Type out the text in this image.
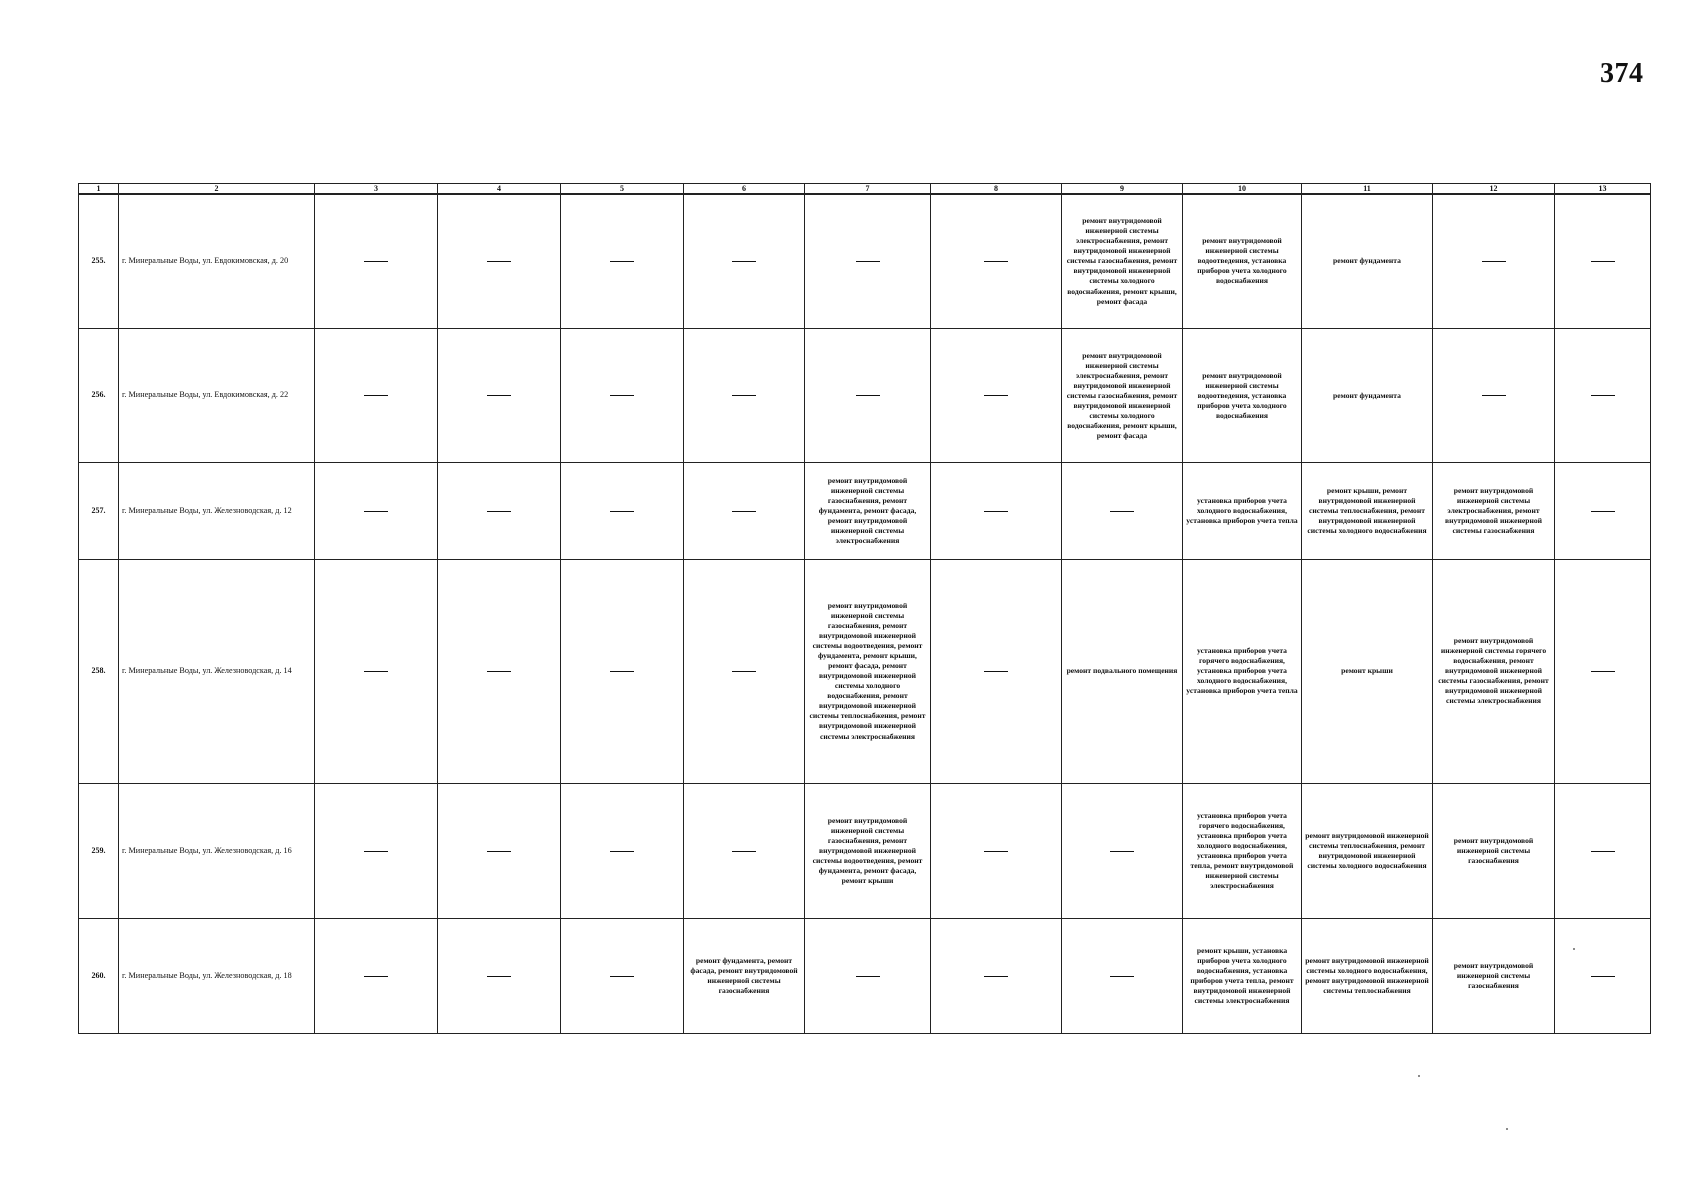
374
1	2	3	4	5	6	7	8	9	10	11	12	13
255.	г. Минеральные Воды, ул. Евдокимовская, д. 20							ремонт внутридомовой инженерной системы электроснабжения, ремонт внутридомовой инженерной системы газоснабжения, ремонт внутридомовой инженерной системы холодного водоснабжения, ремонт крыши, ремонт фасада	ремонт внутридомовой инженерной системы водоотведения, установка приборов учета холодного водоснабжения	ремонт фундамента		
256.	г. Минеральные Воды, ул. Евдокимовская, д. 22							ремонт внутридомовой инженерной системы электроснабжения, ремонт внутридомовой инженерной системы газоснабжения, ремонт внутридомовой инженерной системы холодного водоснабжения, ремонт крыши, ремонт фасада	ремонт внутридомовой инженерной системы водоотведения, установка приборов учета холодного водоснабжения	ремонт фундамента		
257.	г. Минеральные Воды, ул. Железноводская, д. 12					ремонт внутридомовой инженерной системы газоснабжения, ремонт фундамента, ремонт фасада, ремонт внутридомовой инженерной системы электроснабжения			установка приборов учета холодного водоснабжения, установка приборов учета тепла	ремонт крыши, ремонт внутридомовой инженерной системы теплоснабжения, ремонт внутридомовой инженерной системы холодного водоснабжения	ремонт внутридомовой инженерной системы электроснабжения, ремонт внутридомовой инженерной системы газоснабжения	
258.	г. Минеральные Воды, ул. Железноводская, д. 14					ремонт внутридомовой инженерной системы газоснабжения, ремонт внутридомовой инженерной системы водоотведения, ремонт фундамента, ремонт крыши, ремонт фасада, ремонт внутридомовой инженерной системы холодного водоснабжения, ремонт внутридомовой инженерной системы теплоснабжения, ремонт внутридомовой инженерной системы электроснабжения		ремонт подвального помещения	установка приборов учета горячего водоснабжения, установка приборов учета холодного водоснабжения, установка приборов учета тепла	ремонт крыши	ремонт внутридомовой инженерной системы горячего водоснабжения, ремонт внутридомовой инженерной системы газоснабжения, ремонт внутридомовой инженерной системы электроснабжения	
259.	г. Минеральные Воды, ул. Железноводская, д. 16					ремонт внутридомовой инженерной системы газоснабжения, ремонт внутридомовой инженерной системы водоотведения, ремонт фундамента, ремонт фасада, ремонт крыши			установка приборов учета горячего водоснабжения, установка приборов учета холодного водоснабжения, установка приборов учета тепла, ремонт внутридомовой инженерной системы электроснабжения	ремонт внутридомовой инженерной системы теплоснабжения, ремонт внутридомовой инженерной системы холодного водоснабжения	ремонт внутридомовой инженерной системы газоснабжения	
260.	г. Минеральные Воды, ул. Железноводская, д. 18				ремонт фундамента, ремонт фасада, ремонт внутридомовой инженерной системы газоснабжения				ремонт крыши, установка приборов учета холодного водоснабжения, установка приборов учета тепла, ремонт внутридомовой инженерной системы электроснабжения	ремонт внутридомовой инженерной системы холодного водоснабжения, ремонт внутридомовой инженерной системы теплоснабжения	ремонт внутридомовой инженерной системы газоснабжения	
